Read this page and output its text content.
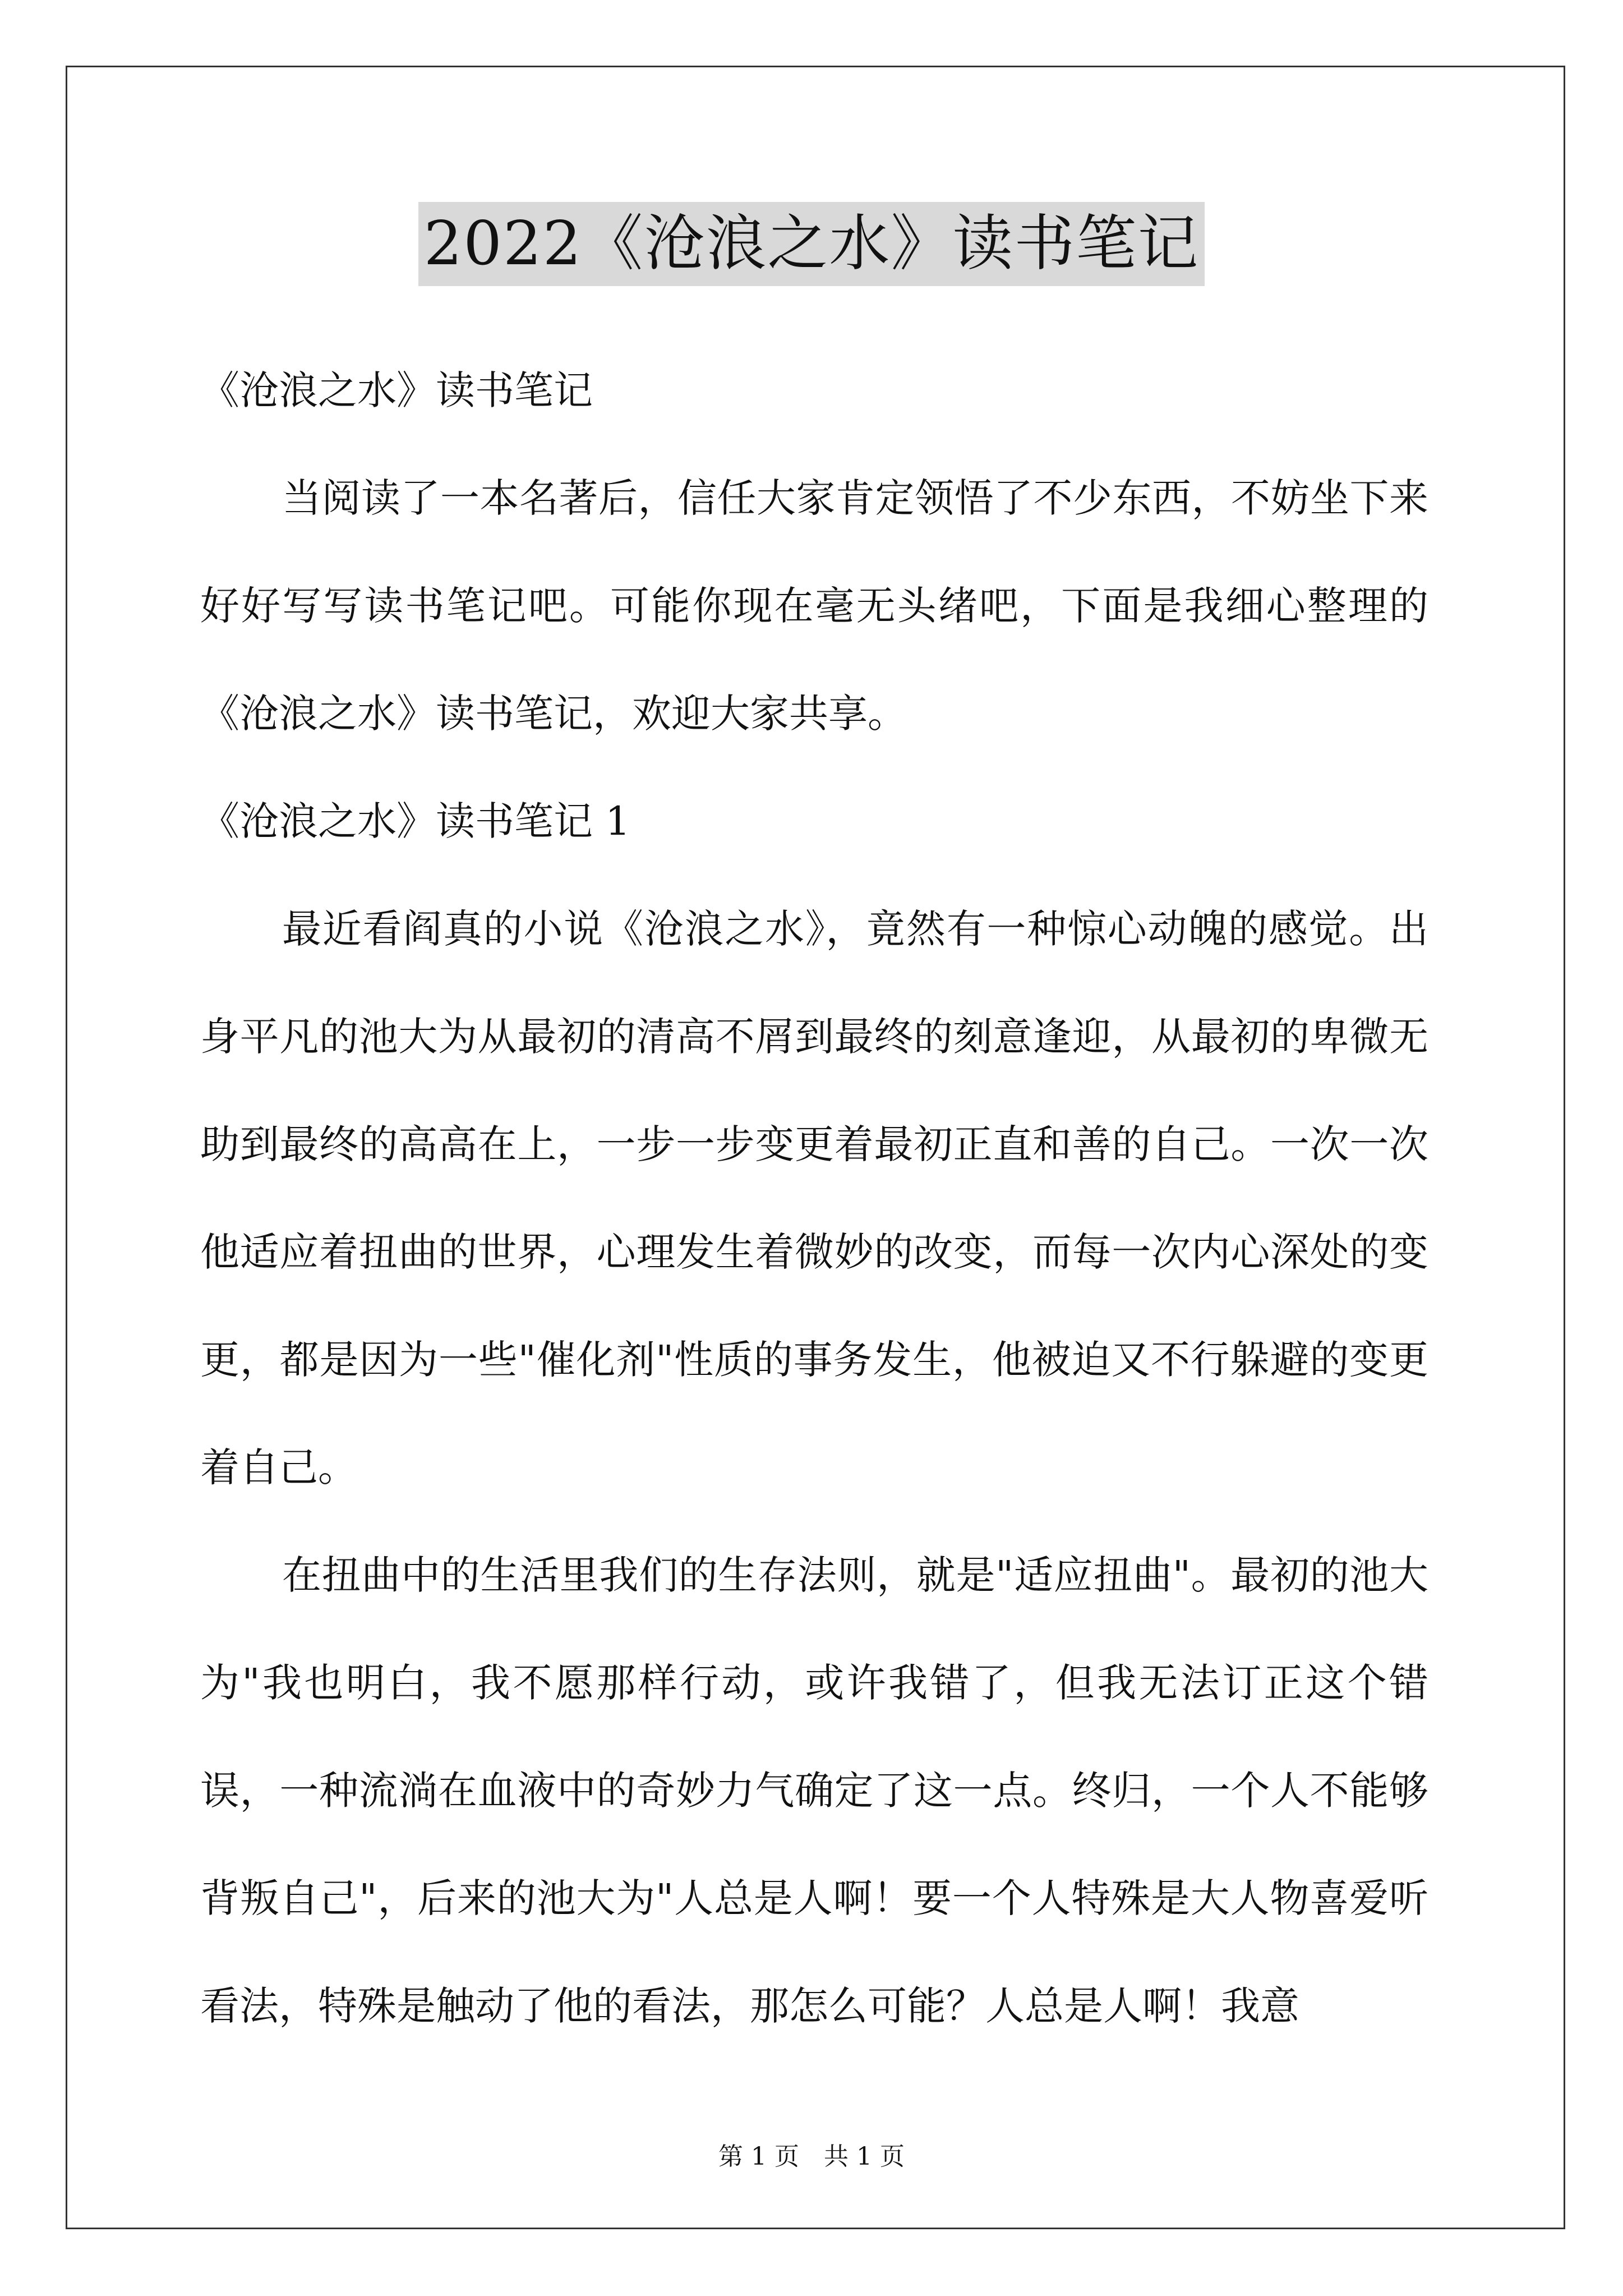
2022《沧浪之水》读书笔记

《沧浪之水》读书笔记

当阅读了一本名著后，信任大家肯定领悟了不少东西，不妨坐下来好好写写读书笔记吧。可能你现在毫无头绪吧，下面是我细心整理的《沧浪之水》读书笔记，欢迎大家共享。

《沧浪之水》读书笔记 1

最近看阎真的小说《沧浪之水》，竟然有一种惊心动魄的感觉。出身平凡的池大为从最初的清高不屑到最终的刻意逢迎，从最初的卑微无助到最终的高高在上，一步一步变更着最初正直和善的自己。一次一次他适应着扭曲的世界，心理发生着微妙的改变，而每一次内心深处的变更，都是因为一些"催化剂"性质的事务发生，他被迫又不行躲避的变更着自己。

在扭曲中的生活里我们的生存法则，就是"适应扭曲"。最初的池大为"我也明白，我不愿那样行动，或许我错了，但我无法订正这个错误，一种流淌在血液中的奇妙力气确定了这一点。终归，一个人不能够背叛自己"，后来的池大为"人总是人啊！要一个人特殊是大人物喜爱听看法，特殊是触动了他的看法，那怎么可能？人总是人啊！我意

第 1 页　共 1 页
